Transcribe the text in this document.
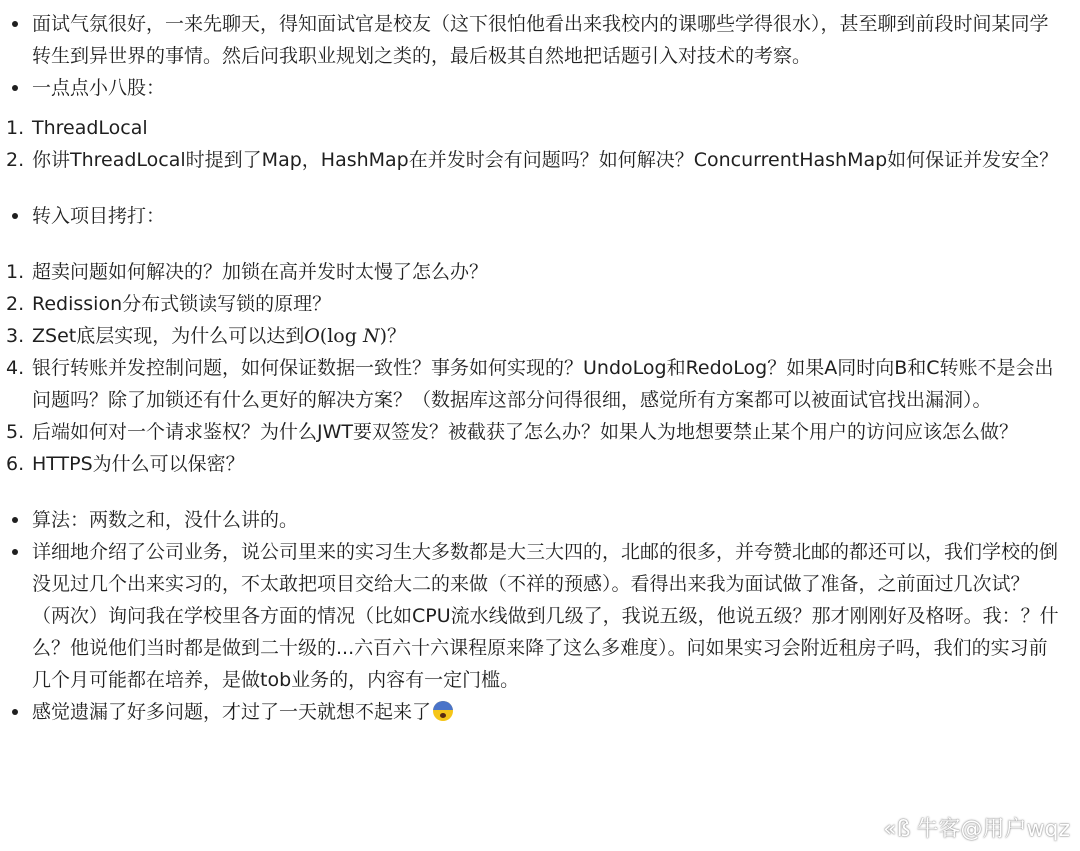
面试气氛很好，一来先聊天，得知面试官是校友（这下很怕他看出来我校内的课哪些学得很水），甚至聊到前段时间某同学转生到异世界的事情。然后问我职业规划之类的，最后极其自然地把话题引入对技术的考察。
一点点小八股：
1. ThreadLocal
2. 你讲ThreadLocal时提到了Map，HashMap在并发时会有问题吗？如何解决？ConcurrentHashMap如何保证并发安全？
转入项目拷打：
1. 超卖问题如何解决的？加锁在高并发时太慢了怎么办？
2. Redission分布式锁读写锁的原理？
3. ZSet底层实现，为什么可以达到O(log N)？
4. 银行转账并发控制问题，如何保证数据一致性？事务如何实现的？UndoLog和RedoLog？如果A同时向B和C转账不是会出问题吗？除了加锁还有什么更好的解决方案？（数据库这部分问得很细，感觉所有方案都可以被面试官找出漏洞）。
5. 后端如何对一个请求鉴权？为什么JWT要双签发？被截获了怎么办？如果人为地想要禁止某个用户的访问应该怎么做？
6. HTTPS为什么可以保密？
算法：两数之和，没什么讲的。
详细地介绍了公司业务，说公司里来的实习生大多数都是大三大四的，北邮的很多，并夸赞北邮的都还可以，我们学校的倒没见过几个出来实习的，不太敢把项目交给大二的来做（不祥的预感）。看得出来我为面试做了准备，之前面过几次试？（两次）询问我在学校里各方面的情况（比如CPU流水线做到几级了，我说五级，他说五级？那才刚刚好及格呀。我：？什么？他说他们当时都是做到二十级的...六百六十六课程原来降了这么多难度）。问如果实习会附近租房子吗，我们的实习前几个月可能都在培养，是做tob业务的，内容有一定门槛。
感觉遗漏了好多问题，才过了一天就想不起来了
«ß 牛客@用户wqz
